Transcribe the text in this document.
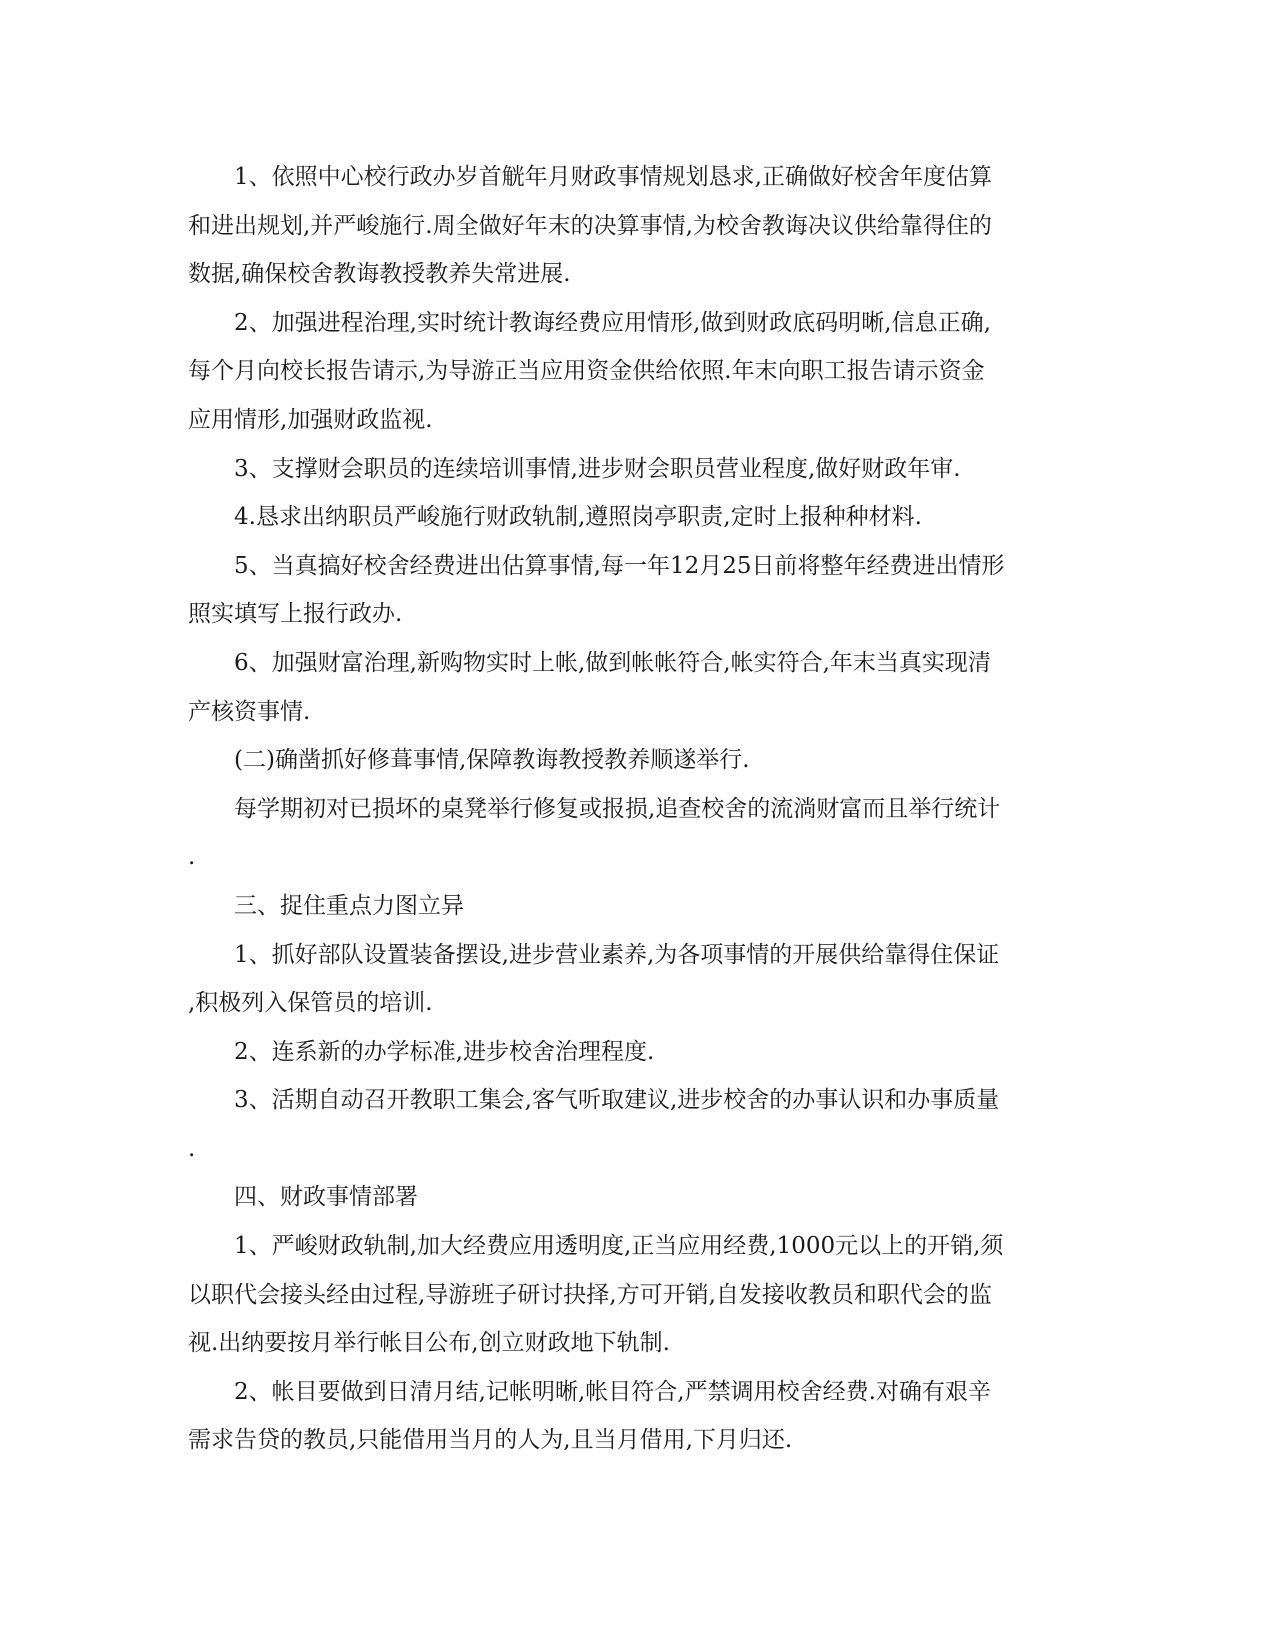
1、依照中心校行政办岁首觥年月财政事情规划恳求,正确做好校舍年度估算
和进出规划,并严峻施行.周全做好年末的决算事情,为校舍教诲决议供给靠得住的
数据,确保校舍教诲教授教养失常进展.
2、加强进程治理,实时统计教诲经费应用情形,做到财政底码明晰,信息正确,
每个月向校长报告请示,为导游正当应用资金供给依照.年末向职工报告请示资金
应用情形,加强财政监视.
3、支撑财会职员的连续培训事情,进步财会职员营业程度,做好财政年审.
4.恳求出纳职员严峻施行财政轨制,遵照岗亭职责,定时上报种种材料.
5、当真搞好校舍经费进出估算事情,每一年12月25日前将整年经费进出情形
照实填写上报行政办.
6、加强财富治理,新购物实时上帐,做到帐帐符合,帐实符合,年末当真实现清
产核资事情.
(二)确凿抓好修葺事情,保障教诲教授教养顺遂举行.
每学期初对已损坏的桌凳举行修复或报损,追查校舍的流淌财富而且举行统计
.
三、捉住重点力图立异
1、抓好部队设置装备摆设,进步营业素养,为各项事情的开展供给靠得住保证
,积极列入保管员的培训.
2、连系新的办学标准,进步校舍治理程度.
3、活期自动召开教职工集会,客气听取建议,进步校舍的办事认识和办事质量
.
四、财政事情部署
1、严峻财政轨制,加大经费应用透明度,正当应用经费,1000元以上的开销,须
以职代会接头经由过程,导游班子研讨抉择,方可开销,自发接收教员和职代会的监
视.出纳要按月举行帐目公布,创立财政地下轨制.
2、帐目要做到日清月结,记帐明晰,帐目符合,严禁调用校舍经费.对确有艰辛
需求告贷的教员,只能借用当月的人为,且当月借用,下月归还.
